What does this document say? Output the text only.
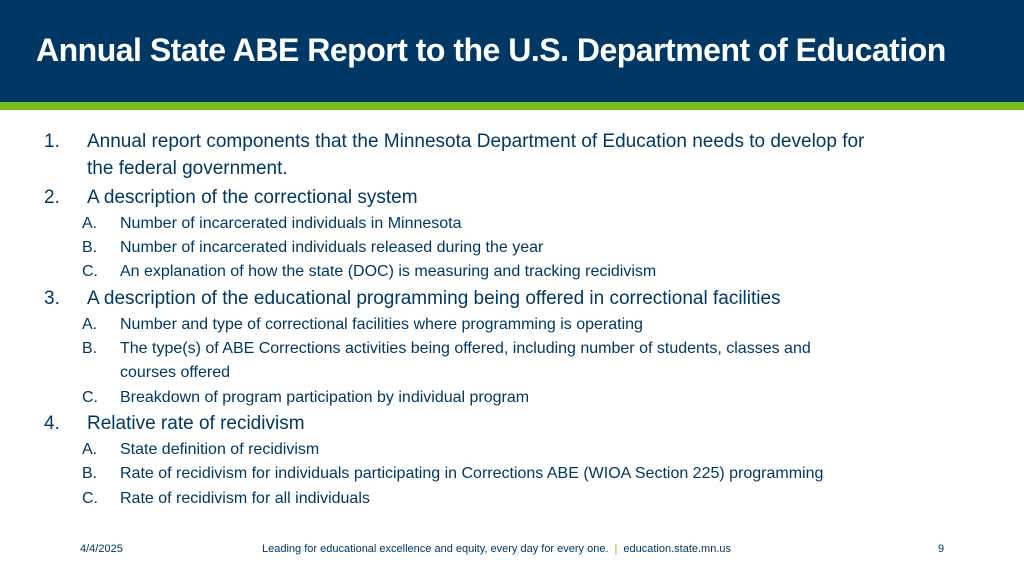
Annual State ABE Report to the U.S. Department of Education
1. Annual report components that the Minnesota Department of Education needs to develop for
the federal government.
2. A description of the correctional system
A. Number of incarcerated individuals in Minnesota
B. Number of incarcerated individuals released during the year
C. An explanation of how the state (DOC) is measuring and tracking recidivism
3. A description of the educational programming being offered in correctional facilities
A. Number and type of correctional facilities where programming is operating
B. The type(s) of ABE Corrections activities being offered, including number of students, classes and
courses offered
C. Breakdown of program participation by individual program
4. Relative rate of recidivism
A. State definition of recidivism
B. Rate of recidivism for individuals participating in Corrections ABE (WIOA Section 225) programming
C. Rate of recidivism for all individuals
4/4/2025	Leading for educational excellence and equity, every day for every one. | education.state.mn.us	9
